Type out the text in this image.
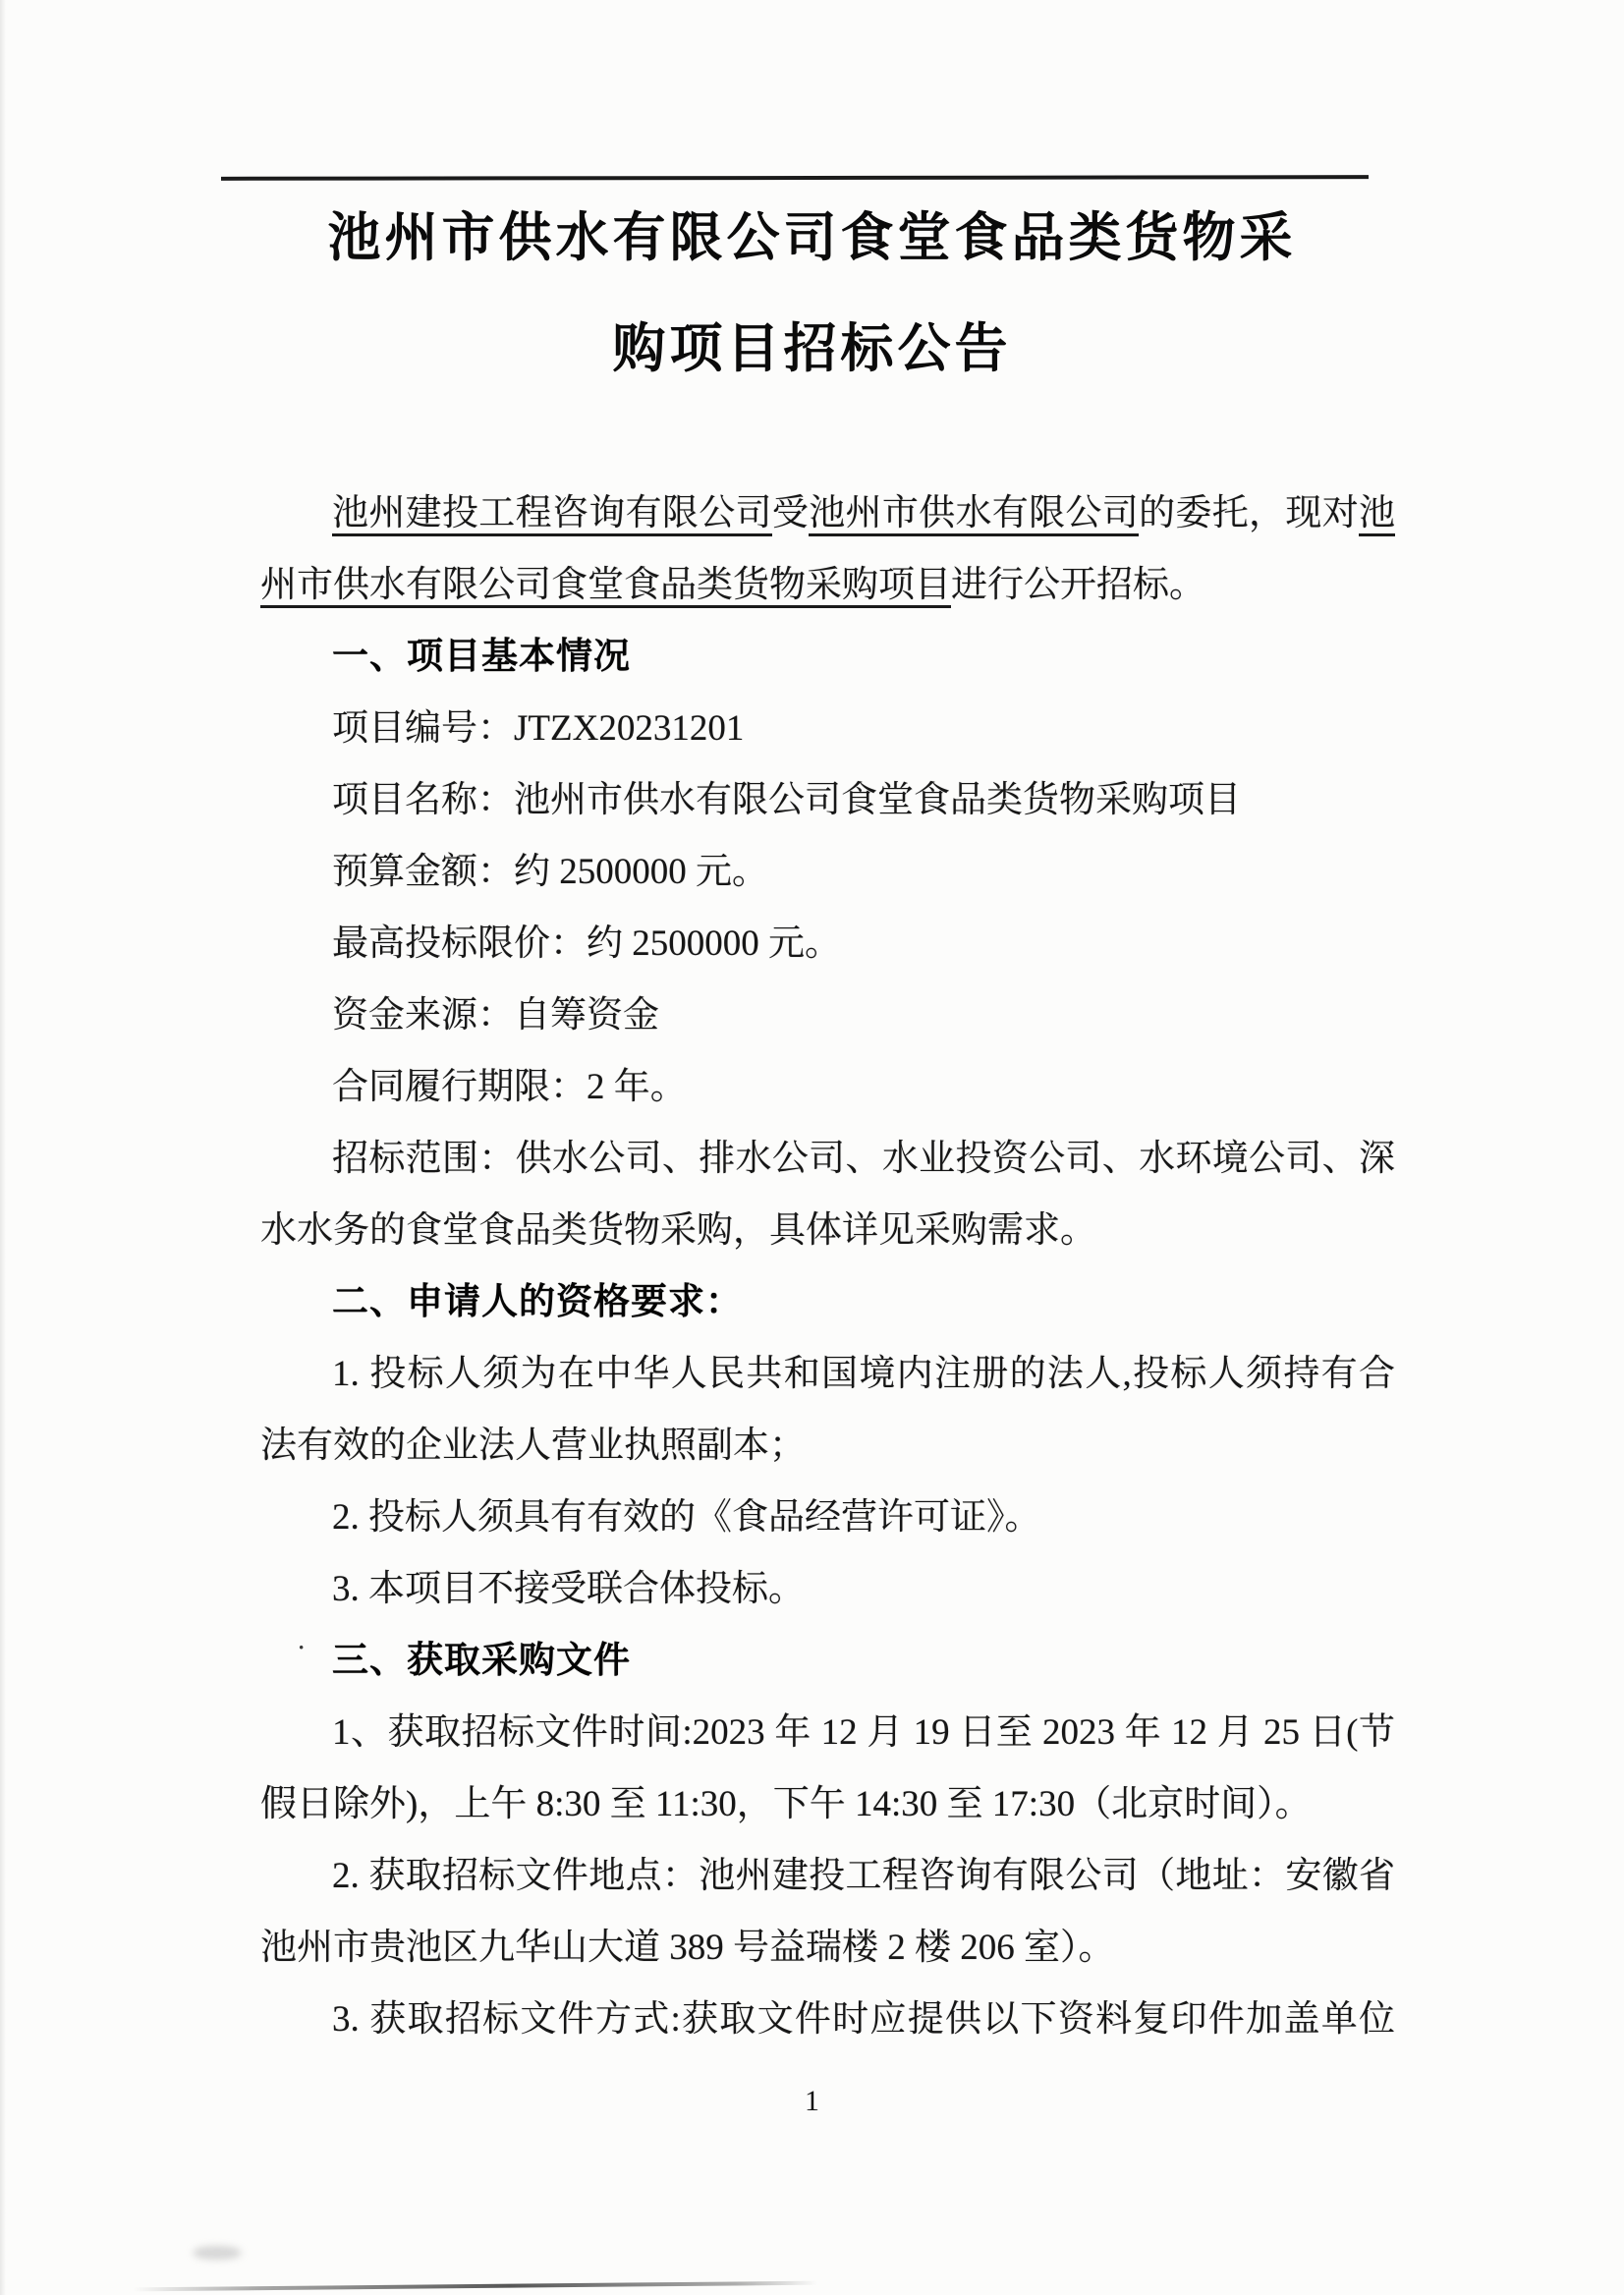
池州市供水有限公司食堂食品类货物采
购项目招标公告
池州建投工程咨询有限公司受池州市供水有限公司的委托，现对池
州市供水有限公司食堂食品类货物采购项目进行公开招标。
一、项目基本情况
项目编号：JTZX20231201
项目名称：池州市供水有限公司食堂食品类货物采购项目
预算金额：约 2500000 元。
最高投标限价：约 2500000 元。
资金来源：自筹资金
合同履行期限：2 年。
招标范围：供水公司、排水公司、水业投资公司、水环境公司、深
水水务的食堂食品类货物采购，具体详见采购需求。
二、申请人的资格要求：
1. 投标人须为在中华人民共和国境内注册的法人,投标人须持有合
法有效的企业法人营业执照副本；
2. 投标人须具有有效的《食品经营许可证》。
3. 本项目不接受联合体投标。
· 三、获取采购文件
1、获取招标文件时间:2023 年 12 月 19 日至 2023 年 12 月 25 日(节
假日除外)，上午 8:30 至 11:30，下午 14:30 至 17:30（北京时间）。
2. 获取招标文件地点：池州建投工程咨询有限公司（地址：安徽省
池州市贵池区九华山大道 389 号益瑞楼 2 楼 206 室）。
3. 获取招标文件方式:获取文件时应提供以下资料复印件加盖单位
1
